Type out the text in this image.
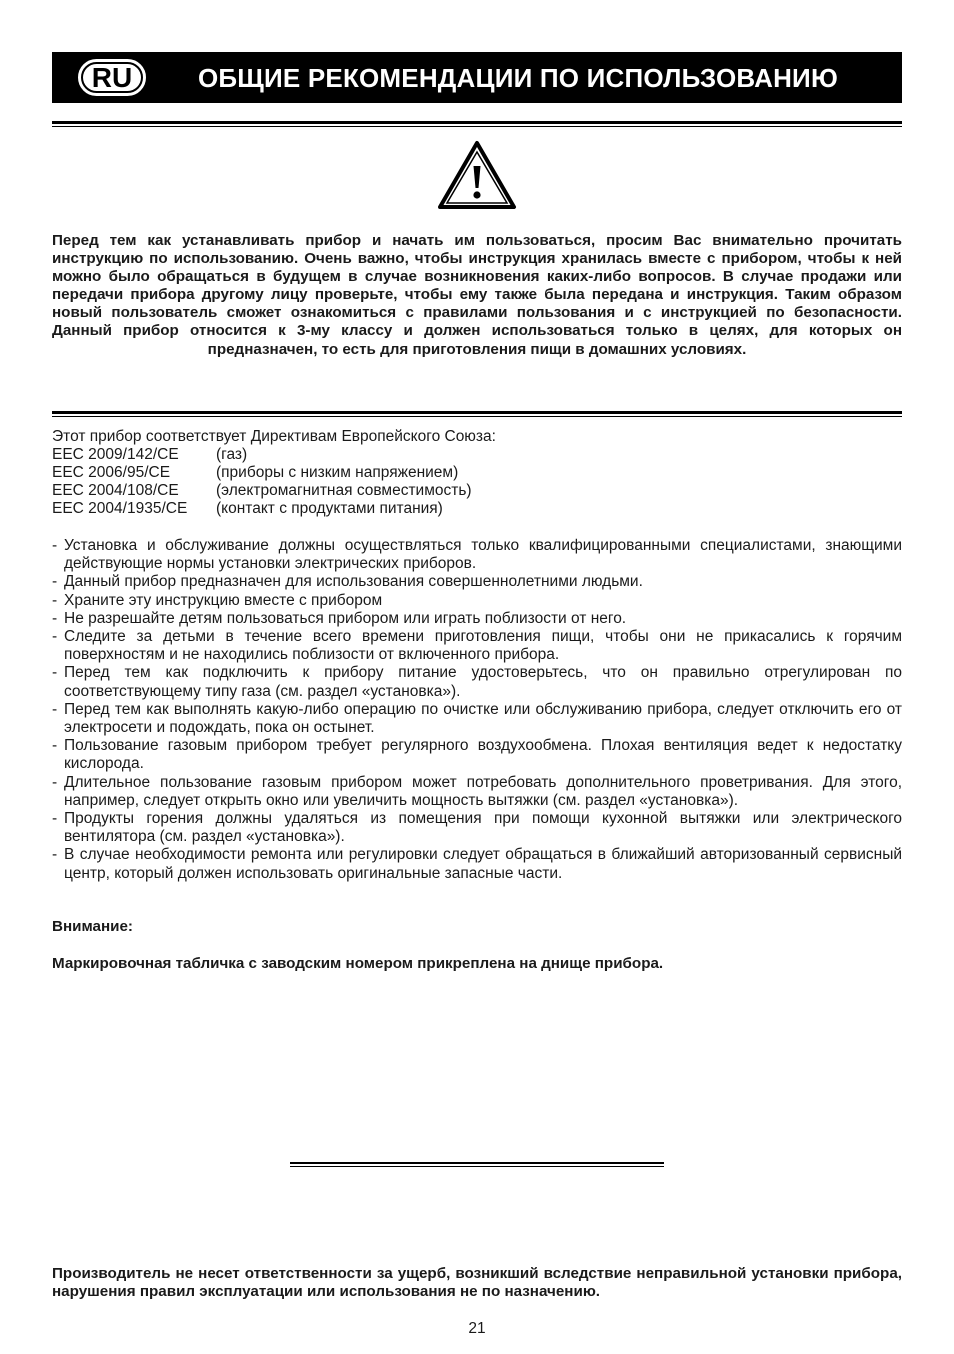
RU	ОБЩИЕ РЕКОМЕНДАЦИИ ПО ИСПОЛЬЗОВАНИЮ
Перед тем как устанавливать прибор и начать им пользоваться, просим Вас внимательно прочитать инструкцию по использованию. Очень важно, чтобы инструкция хранилась вместе с прибором, чтобы к ней можно было обращаться в будущем в случае возникновения каких-либо вопросов. В случае продажи или передачи прибора другому лицу проверьте, чтобы ему также была передана и инструкция. Таким образом новый пользователь сможет ознакомиться с правилами пользования и с инструкцией по безопасности. Данный прибор относится к 3-му классу и должен использоваться только в целях, для которых он предназначен, то есть для приготовления пищи в домашних условиях.
Этот прибор соответствует Директивам Европейского Союза:
EEC 2009/142/CE	(газ)
EEC 2006/95/CE	(приборы с низким напряжением)
EEC 2004/108/CE	(электромагнитная совместимость)
EEC 2004/1935/CE	(контакт с продуктами питания)
- Установка и обслуживание должны осуществляться только квалифицированными специалистами, знающими действующие нормы установки электрических приборов.
- Данный прибор предназначен для использования совершеннолетними людьми.
- Храните эту инструкцию вместе с прибором
- Не разрешайте детям пользоваться прибором или играть поблизости от него.
- Следите за детьми в течение всего времени приготовления пищи, чтобы они не прикасались к горячим поверхностям и не находились поблизости от включенного прибора.
- Перед тем как подключить к прибору питание удостоверьтесь, что он правильно отрегулирован по соответствующему типу газа (см. раздел «установка»).
- Перед тем как выполнять какую-либо операцию по очистке или обслуживанию прибора, следует отключить его от электросети и подождать, пока он остынет.
- Пользование газовым прибором требует регулярного воздухообмена. Плохая вентиляция ведет к недостатку кислорода.
- Длительное пользование газовым прибором может потребовать дополнительного проветривания. Для этого, например, следует открыть окно или увеличить мощность вытяжки (см. раздел «установка»).
- Продукты горения должны удаляться из помещения при помощи кухонной вытяжки или электрического вентилятора (см. раздел «установка»).
- В случае необходимости ремонта или регулировки следует обращаться в ближайший авторизованный сервисный центр, который должен использовать оригинальные запасные части.
Внимание:
Маркировочная табличка с заводским номером прикреплена на днище прибора.
Производитель не несет ответственности за ущерб, возникший вследствие неправильной установки прибора, нарушения правил эксплуатации или использования не по назначению.
21
